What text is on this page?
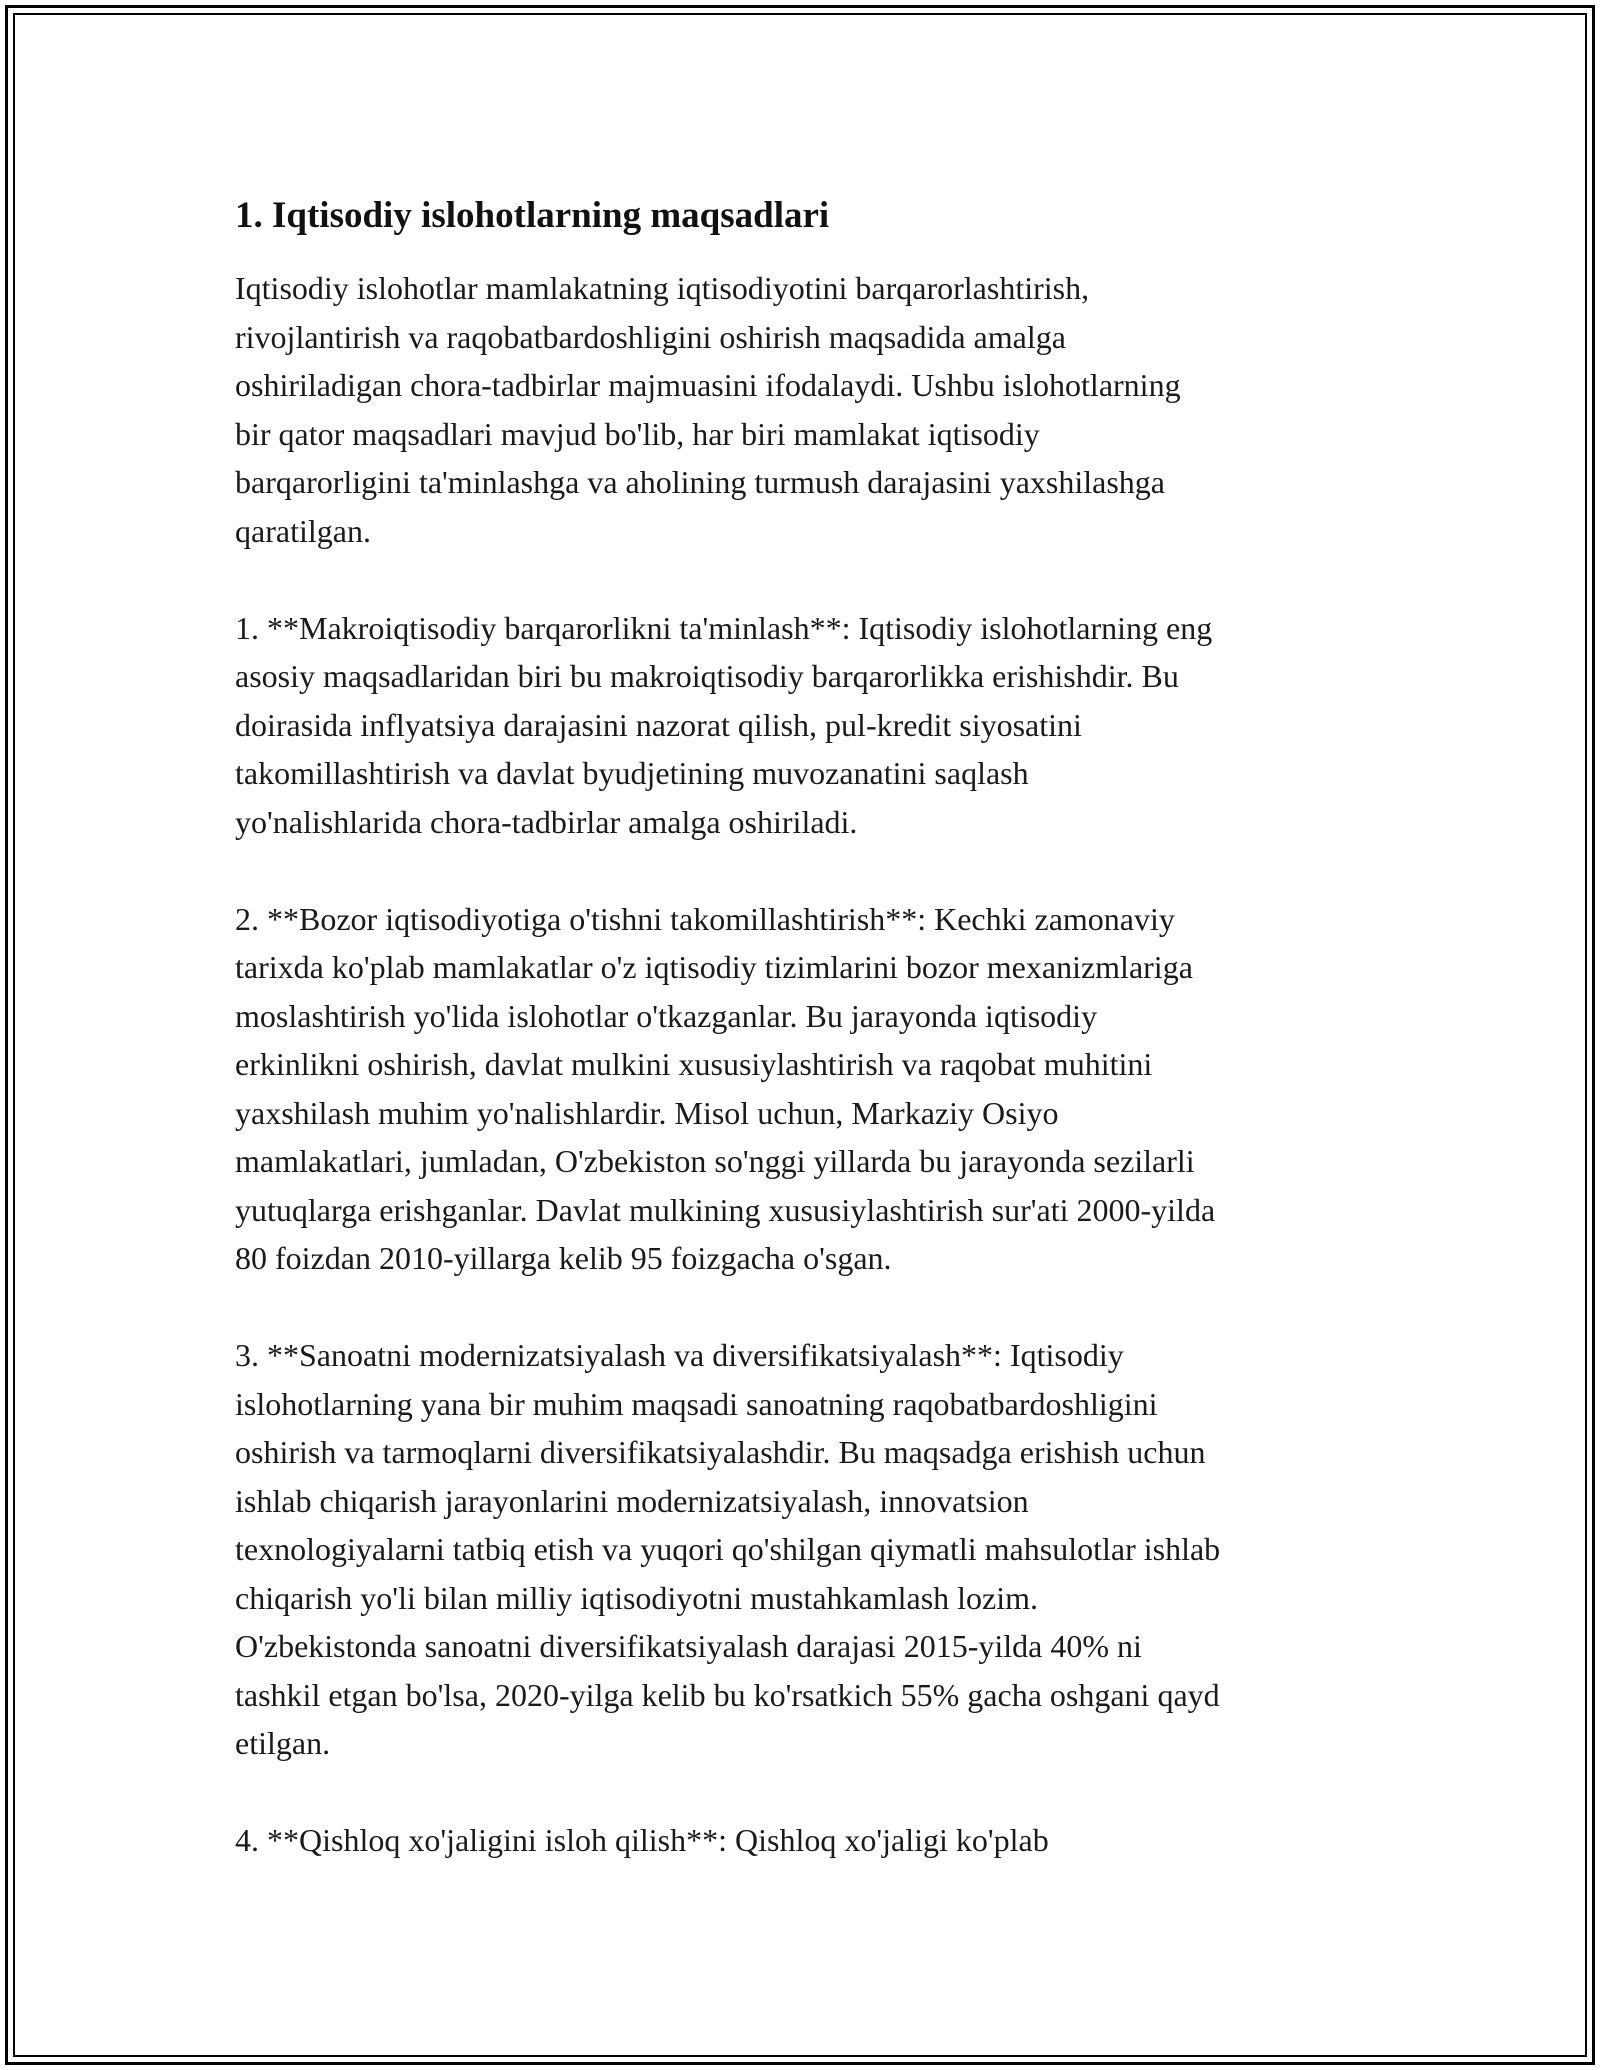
1. Iqtisodiy islohotlarning maqsadlari

Iqtisodiy islohotlar mamlakatning iqtisodiyotini barqarorlashtirish,
rivojlantirish va raqobatbardoshligini oshirish maqsadida amalga
oshiriladigan chora-tadbirlar majmuasini ifodalaydi. Ushbu islohotlarning
bir qator maqsadlari mavjud bo'lib, har biri mamlakat iqtisodiy
barqarorligini ta'minlashga va aholining turmush darajasini yaxshilashga
qaratilgan.

1. **Makroiqtisodiy barqarorlikni ta'minlash**: Iqtisodiy islohotlarning eng
asosiy maqsadlaridan biri bu makroiqtisodiy barqarorlikka erishishdir. Bu
doirasida inflyatsiya darajasini nazorat qilish, pul-kredit siyosatini
takomillashtirish va davlat byudjetining muvozanatini saqlash
yo'nalishlarida chora-tadbirlar amalga oshiriladi.

2. **Bozor iqtisodiyotiga o'tishni takomillashtirish**: Kechki zamonaviy
tarixda ko'plab mamlakatlar o'z iqtisodiy tizimlarini bozor mexanizmlariga
moslashtirish yo'lida islohotlar o'tkazganlar. Bu jarayonda iqtisodiy
erkinlikni oshirish, davlat mulkini xususiylashtirish va raqobat muhitini
yaxshilash muhim yo'nalishlardir. Misol uchun, Markaziy Osiyo
mamlakatlari, jumladan, O'zbekiston so'nggi yillarda bu jarayonda sezilarli
yutuqlarga erishganlar. Davlat mulkining xususiylashtirish sur'ati 2000-yilda
80 foizdan 2010-yillarga kelib 95 foizgacha o'sgan.

3. **Sanoatni modernizatsiyalash va diversifikatsiyalash**: Iqtisodiy
islohotlarning yana bir muhim maqsadi sanoatning raqobatbardoshligini
oshirish va tarmoqlarni diversifikatsiyalashdir. Bu maqsadga erishish uchun
ishlab chiqarish jarayonlarini modernizatsiyalash, innovatsion
texnologiyalarni tatbiq etish va yuqori qo'shilgan qiymatli mahsulotlar ishlab
chiqarish yo'li bilan milliy iqtisodiyotni mustahkamlash lozim.
O'zbekistonda sanoatni diversifikatsiyalash darajasi 2015-yilda 40% ni
tashkil etgan bo'lsa, 2020-yilga kelib bu ko'rsatkich 55% gacha oshgani qayd
etilgan.

4. **Qishloq xo'jaligini isloh qilish**: Qishloq xo'jaligi ko'plab
